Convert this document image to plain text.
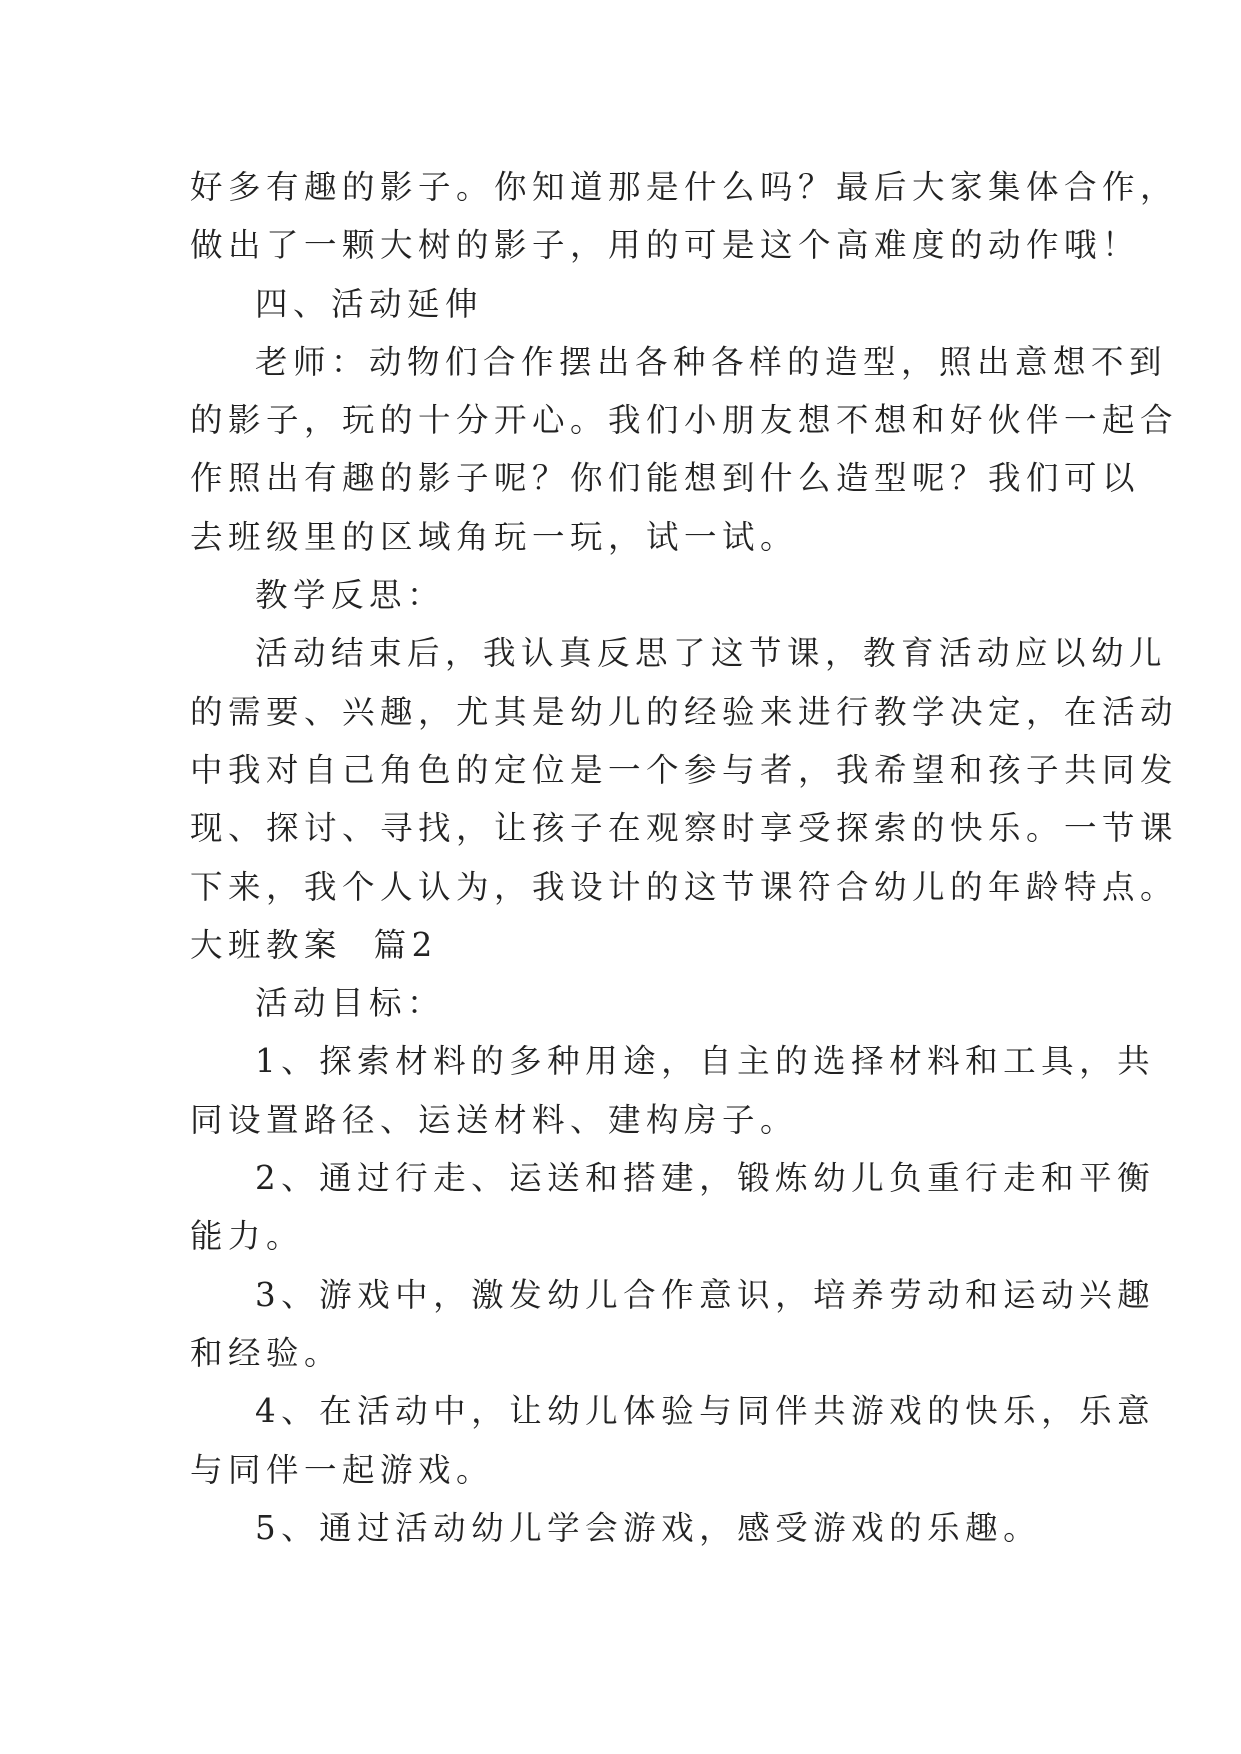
好多有趣的影子。你知道那是什么吗？最后大家集体合作，

做出了一颗大树的影子，用的可是这个高难度的动作哦！

四、活动延伸

老师：动物们合作摆出各种各样的造型，照出意想不到

的影子，玩的十分开心。我们小朋友想不想和好伙伴一起合

作照出有趣的影子呢？你们能想到什么造型呢？我们可以

去班级里的区域角玩一玩，试一试。

教学反思：

活动结束后，我认真反思了这节课，教育活动应以幼儿

的需要、兴趣，尤其是幼儿的经验来进行教学决定，在活动

中我对自己角色的定位是一个参与者，我希望和孩子共同发

现、探讨、寻找，让孩子在观察时享受探索的快乐。一节课

下来，我个人认为，我设计的这节课符合幼儿的年龄特点。

大班教案  篇2

活动目标：

1、探索材料的多种用途，自主的选择材料和工具，共

同设置路径、运送材料、建构房子。

2、通过行走、运送和搭建，锻炼幼儿负重行走和平衡

能力。

3、游戏中，激发幼儿合作意识，培养劳动和运动兴趣

和经验。

4、在活动中，让幼儿体验与同伴共游戏的快乐，乐意

与同伴一起游戏。

5、通过活动幼儿学会游戏，感受游戏的乐趣。
